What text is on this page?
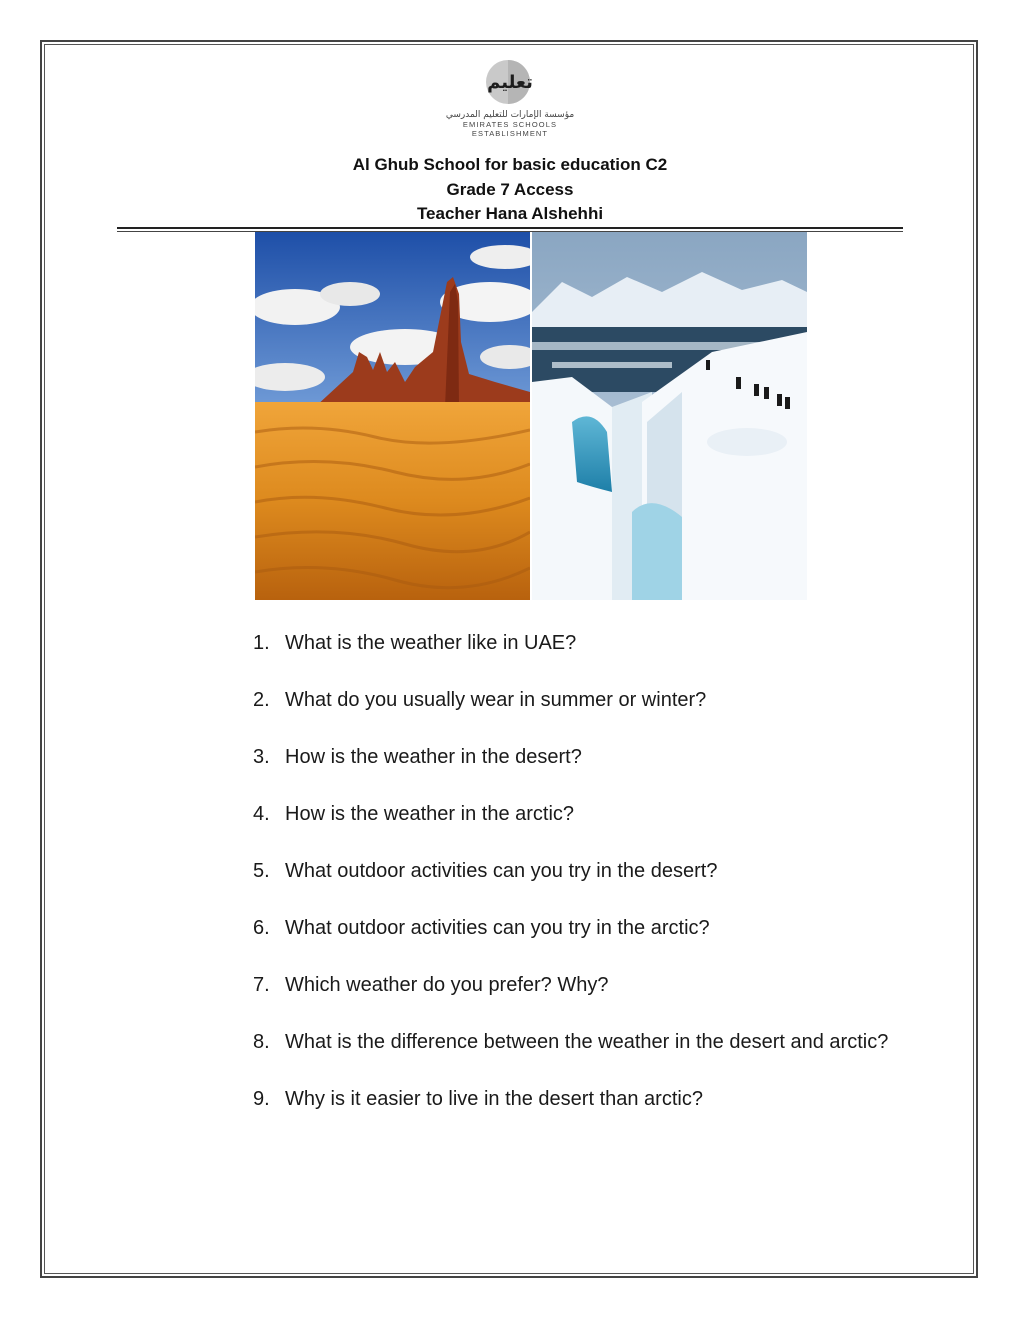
تعليم
مؤسسة الإمارات للتعليم المدرسي
EMIRATES SCHOOLS ESTABLISHMENT
Al Ghub School for basic education C2
Grade 7 Access
Teacher Hana Alshehhi
1. What is the weather like in UAE?
2. What do you usually wear in summer or winter?
3. How is the weather in the desert?
4. How is the weather in the arctic?
5. What outdoor activities can you try in the desert?
6. What outdoor activities can you try in the arctic?
7. Which weather do you prefer? Why?
8. What is the difference between the weather in the desert and arctic?
9. Why is it easier to live in the desert than arctic?
